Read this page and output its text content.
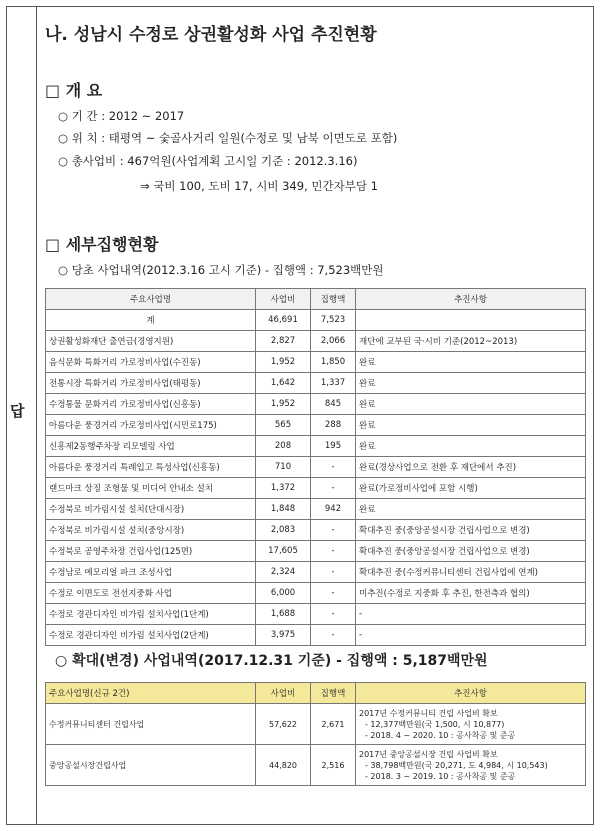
답
나. 성남시 수정로 상권활성화 사업 추진현황
□ 개 요
○ 기 간 : 2012 ~ 2017
○ 위 치 : 태평역 ~ 숯골사거리 일원(수정로 및 남북 이면도로 포함)
○ 총사업비 : 467억원(사업계획 고시일 기준 : 2012.3.16)
⇒ 국비 100, 도비 17, 시비 349, 민간자부담 1
□ 세부집행현황
○ 당초 사업내역(2012.3.16 고시 기준) - 집행액 : 7,523백만원
주요사업명	사업비	집행액	추진사항
계	46,691	7,523	
상권활성화재단 출연금(경영지원)	2,827	2,066	재단에 교부된 국·시비 기준(2012~2013)
음식문화 특화거리 가로정비사업(수진동)	1,952	1,850	완료
전통시장 특화거리 가로정비사업(태평동)	1,642	1,337	완료
수정통물 문화거리 가로정비사업(신흥동)	1,952	845	완료
아름다운 풍경거리 가로정비사업(시민로175)	565	288	완료
신흥제2동행주차장 리모델링 사업	208	195	완료
아름다운 풍경거리 특례입고 특성사업(신흥동)	710	-	완료(경상사업으로 전환 후 재단에서 추진)
랜드마크 상징 조형물 및 미디어 안내소 설치	1,372	-	완료(가로정비사업에 포함 시행)
수정북로 비가림시설 설치(단대시장)	1,848	942	완료
수정북로 비가림시설 설치(중앙시장)	2,083	-	확대추진 중(중앙공설시장 건립사업으로 변경)
수정북로 공영주차장 건립사업(125면)	17,605	-	확대추진 중(중앙공설시장 건립사업으로 변경)
수정남로 메모리얼 파크 조성사업	2,324	-	확대추진 중(수정커뮤니티센터 건립사업에 연계)
수정로 이면도로 전선지중화 사업	6,000	-	미추진(수정로 지중화 후 추진, 한전측과 협의)
수정로 경관디자인 비가림 설치사업(1단계)	1,688	-	-
수정로 경관디자인 비가림 설치사업(2단계)	3,975	-	-
○ 확대(변경) 사업내역(2017.12.31 기준) - 집행액 : 5,187백만원
주요사업명(신규 2건)	사업비	집행액	추진사항
수정커뮤니티센터 건립사업	57,622	2,671	2017년 수정커뮤니티 건립 사업비 확보
- 12,377백만원(국 1,500, 시 10,877)
- 2018. 4 ~ 2020. 10 : 공사착공 및 준공

중앙공설시장건립사업	44,820	2,516	2017년 중앙공설시장 건립 사업비 확보
- 38,798백만원(국 20,271, 도 4,984, 시 10,543)
- 2018. 3 ~ 2019. 10 : 공사착공 및 준공
